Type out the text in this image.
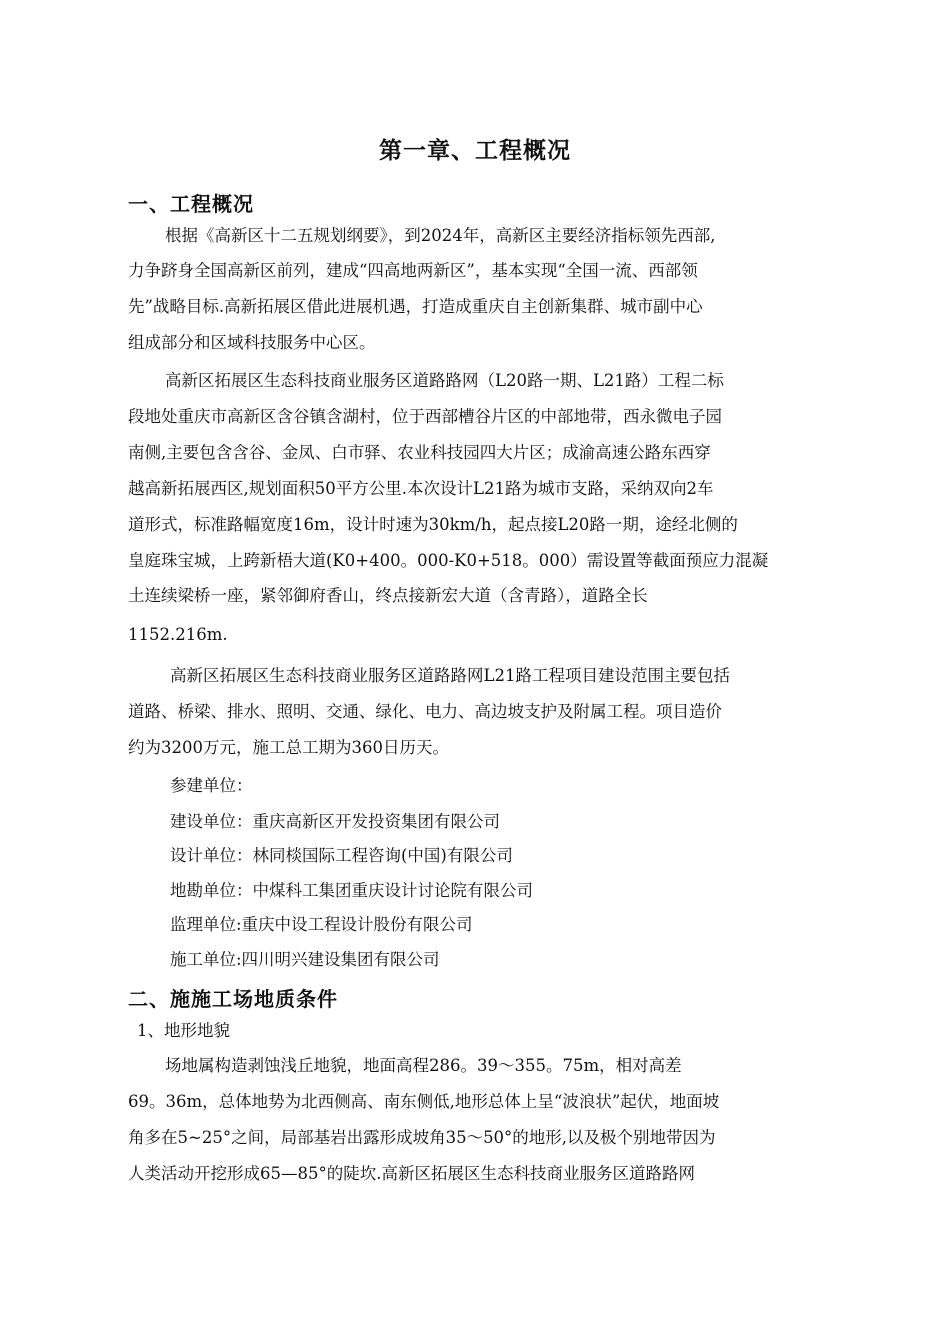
第一章、工程概况
一、工程概况
根据《高新区十二五规划纲要》，到2024年，高新区主要经济指标领先西部,
力争跻身全国高新区前列，建成“四高地两新区”，基本实现“全国一流、西部领
先”战略目标.高新拓展区借此进展机遇，打造成重庆自主创新集群、城市副中心
组成部分和区域科技服务中心区。
高新区拓展区生态科技商业服务区道路路网（L20路一期、L21路）工程二标
段地处重庆市高新区含谷镇含湖村，位于西部槽谷片区的中部地带，西永微电子园
南侧,主要包含含谷、金凤、白市驿、农业科技园四大片区；成渝高速公路东西穿
越高新拓展西区,规划面积50平方公里.本次设计L21路为城市支路，采纳双向2车
道形式，标准路幅宽度16m，设计时速为30km/h，起点接L20路一期，途经北侧的
皇庭珠宝城，上跨新梧大道(K0+400。000-K0+518。000）需设置等截面预应力混凝
土连续梁桥一座，紧邻御府香山，终点接新宏大道（含青路），道路全长
1152.216m.
高新区拓展区生态科技商业服务区道路路网L21路工程项目建设范围主要包括
道路、桥梁、排水、照明、交通、绿化、电力、高边坡支护及附属工程。项目造价
约为3200万元，施工总工期为360日历天。
参建单位：
建设单位：重庆高新区开发投资集团有限公司
设计单位：林同棪国际工程咨询(中国)有限公司
地勘单位：中煤科工集团重庆设计讨论院有限公司
监理单位:重庆中设工程设计股份有限公司
施工单位:四川明兴建设集团有限公司
二、施施工场地质条件
1、地形地貌
场地属构造剥蚀浅丘地貌，地面高程286。39～355。75m，相对高差
69。36m，总体地势为北西侧高、南东侧低,地形总体上呈“波浪状”起伏，地面坡
角多在5~25°之间，局部基岩出露形成坡角35～50°的地形,以及极个别地带因为
人类活动开挖形成65—85°的陡坎.高新区拓展区生态科技商业服务区道路路网
